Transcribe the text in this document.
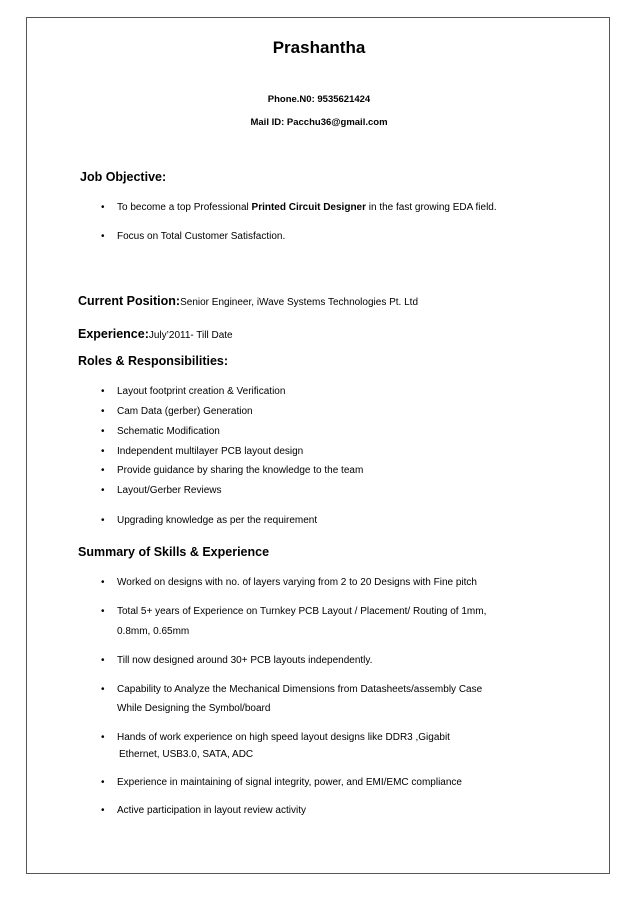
Prashantha
Phone.N0: 9535621424
Mail ID: Pacchu36@gmail.com
Job Objective:
• To become a top Professional Printed Circuit Designer in the fast growing EDA field.
• Focus on Total Customer Satisfaction.
Current Position:Senior Engineer, iWave Systems Technologies Pt. Ltd
Experience:July’2011- Till Date
Roles & Responsibilities:
• Layout footprint creation & Verification
• Cam Data (gerber) Generation
• Schematic Modification
• Independent multilayer PCB layout design
• Provide guidance by sharing the knowledge to the team
• Layout/Gerber Reviews
• Upgrading knowledge as per the requirement
Summary of Skills & Experience
• Worked on designs with no. of layers varying from 2 to 20 Designs with Fine pitch
• Total 5+ years of Experience on Turnkey PCB Layout / Placement/ Routing of 1mm,
0.8mm, 0.65mm
• Till now designed around 30+ PCB layouts independently.
• Capability to Analyze the Mechanical Dimensions from Datasheets/assembly Case
While Designing the Symbol/board
• Hands of work experience on high speed layout designs like DDR3 ,Gigabit
Ethernet, USB3.0, SATA, ADC
• Experience in maintaining of signal integrity, power, and EMI/EMC compliance
• Active participation in layout review activity
